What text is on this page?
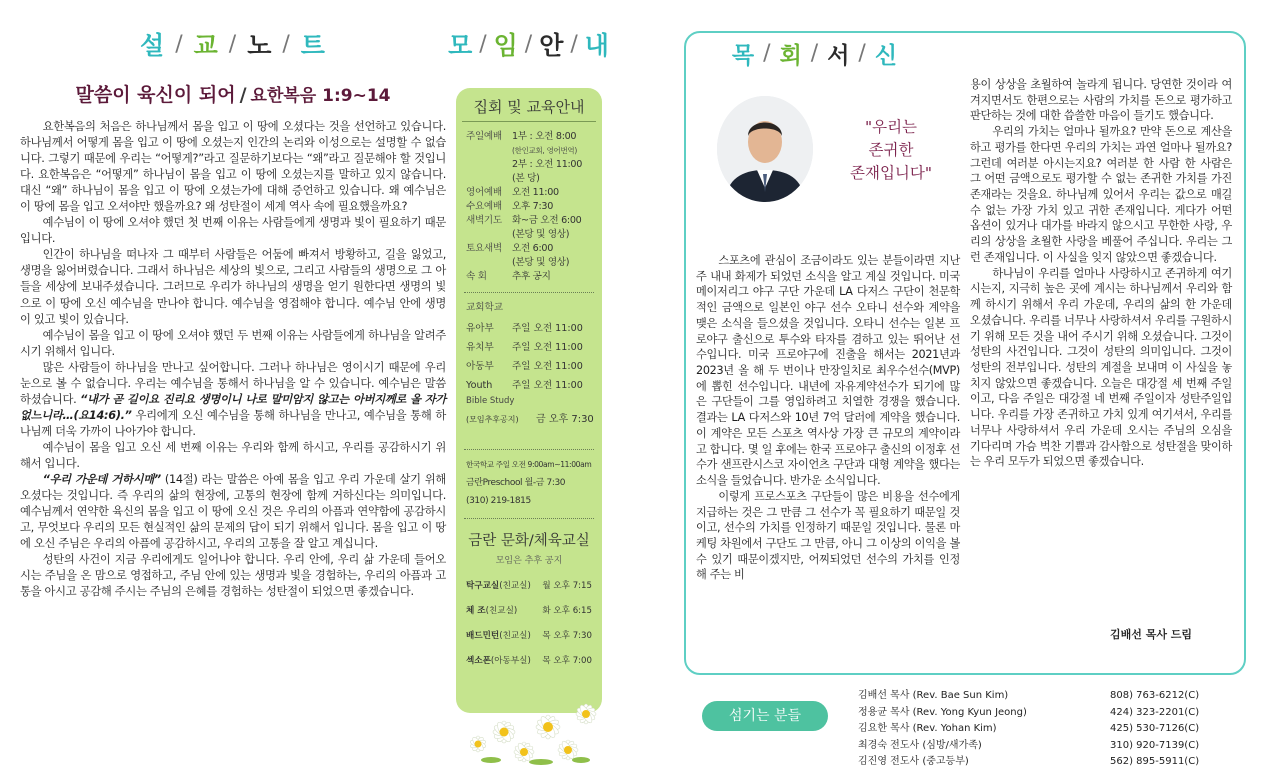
설 / 교 / 노 / 트
말씀이 육신이 되어 / 요한복음 1:9~14

요한복음의 처음은 하나님께서 몸을 입고 이 땅에 오셨다는 것을 선언하고 있습니다. 하나님께서 어떻게 몸을 입고 이 땅에 오셨는지 인간의 논리와 이성으로는 설명할 수 없습니다. 그렇기 때문에 우리는 “어떻게?”라고 질문하기보다는 “왜”라고 질문해야 할 것입니다. 요한복음은 “어떻게” 하나님이 몸을 입고 이 땅에 오셨는지를 말하고 있지 않습니다. 대신 “왜” 하나님이 몸을 입고 이 땅에 오셨는가에 대해 증언하고 있습니다. 왜 예수님은 이 땅에 몸을 입고 오셔야만 했을까요? 왜 성탄절이 세계 역사 속에 필요했을까요?

예수님이 이 땅에 오셔야 했던 첫 번째 이유는 사람들에게 생명과 빛이 필요하기 때문입니다.

인간이 하나님을 떠나자 그 때부터 사람들은 어둠에 빠져서 방황하고, 길을 잃었고, 생명을 잃어버렸습니다. 그래서 하나님은 세상의 빛으로, 그리고 사람들의 생명으로 그 아들을 세상에 보내주셨습니다. 그러므로 우리가 하나님의 생명을 얻기 원한다면 생명의 빛으로 이 땅에 오신 예수님을 만나야 합니다. 예수님을 영접해야 합니다. 예수님 안에 생명이 있고 빛이 있습니다.

예수님이 몸을 입고 이 땅에 오셔야 했던 두 번째 이유는 사람들에게 하나님을 알려주시기 위해서 입니다.

많은 사람들이 하나님을 만나고 싶어합니다. 그러나 하나님은 영이시기 때문에 우리 눈으로 볼 수 없습니다. 우리는 예수님을 통해서 하나님을 알 수 있습니다. 예수님은 말씀하셨습니다. “내가 곧 길이요 진리요 생명이니 나로 말미암지 않고는 아버지께로 올 자가 없느니라…(요14:6).” 우리에게 오신 예수님을 통해 하나님을 만나고, 예수님을 통해 하나님께 더욱 가까이 나아가야 합니다.

예수님이 몸을 입고 오신 세 번째 이유는 우리와 함께 하시고, 우리를 공감하시기 위해서 입니다.

“우리 가운데 거하시매” (14절) 라는 말씀은 아예 몸을 입고 우리 가운데 살기 위해 오셨다는 것입니다. 즉 우리의 삶의 현장에, 고통의 현장에 함께 거하신다는 의미입니다. 예수님께서 연약한 육신의 몸을 입고 이 땅에 오신 것은 우리의 아픔과 연약함에 공감하시고, 무엇보다 우리의 모든 현실적인 삶의 문제의 답이 되기 위해서 입니다. 몸을 입고 이 땅에 오신 주님은 우리의 아픔에 공감하시고, 우리의 고통을 잘 알고 계십니다.

성탄의 사건이 지금 우리에게도 일어나야 합니다. 우리 안에, 우리 삶 가운데 들어오시는 주님을 온 맘으로 영접하고, 주님 안에 있는 생명과 빛을 경험하는, 우리의 아픔과 고통을 아시고 공감해 주시는 주님의 은혜를 경험하는 성탄절이 되었으면 좋겠습니다.

모 / 임 / 안 / 내
집회 및 교육안내
주일예배	1부 : 오전 8:00
(한인교회, 영어번역)
2부 : 오전 11:00
(본 당)
영어예배	오전 11:00
수요예배	오후 7:30
새벽기도	화~금 오전 6:00
(본당 및 영상)
토요새벽	오전 6:00
(본당 및 영상)
속 회	추후 공지
교회학교
유아부	주일 오전 11:00
유치부	주일 오전 11:00
아동부	주일 오전 11:00
Youth	주일 오전 11:00
Bible Study
(모임추후공지)	금 오후 7:30
한국학교 주일 오전 9:00am~11:00am
금란Preschool 월-금 7:30
(310) 219-1815
금란 문화/체육교실
모임은 추후 공지
탁구교실(친교실) 월 오후 7:15
체 조(친교실)	화 오후 6:15
배드민턴(친교실) 목 오후 7:30
섹소폰(아동부실) 목 오후 7:00
목 / 회 / 서 / 신
"우리는
존귀한
존재입니다"

스포츠에 관심이 조금이라도 있는 분들이라면 지난 주 내내 화제가 되었던 소식을 알고 계실 것입니다. 미국 메이저리그 야구 구단 가운데 LA 다저스 구단이 천문학적인 금액으로 일본인 야구 선수 오타니 선수와 계약을 맺은 소식을 들으셨을 것입니다. 오타니 선수는 일본 프로야구 출신으로 투수와 타자를 겸하고 있는 뛰어난 선수입니다. 미국 프로야구에 진출을 해서는 2021년과 2023년 올 해 두 번이나 만장일치로 최우수선수(MVP)에 뽑힌 선수입니다. 내년에 자유계약선수가 되기에 많은 구단들이 그를 영입하려고 치열한 경쟁을 했습니다. 결과는 LA 다저스와 10년 7억 달러에 계약을 했습니다. 이 계약은 모든 스포츠 역사상 가장 큰 규모의 계약이라고 합니다. 몇 일 후에는 한국 프로야구 출신의 이정후 선수가 샌프란시스코 자이언츠 구단과 대형 계약을 했다는 소식을 들었습니다. 반가운 소식입니다.

이렇게 프로스포츠 구단들이 많은 비용을 선수에게 지급하는 것은 그 만큼 그 선수가 꼭 필요하기 때문일 것이고, 선수의 가치를 인정하기 때문일 것입니다. 물론 마케팅 차원에서 구단도 그 만큼, 아니 그 이상의 이익을 볼 수 있기 때문이겠지만, 어찌되었던 선수의 가치를 인정해 주는 비

용이 상상을 초월하여 놀라게 됩니다. 당연한 것이라 여겨지면서도 한편으로는 사람의 가치를 돈으로 평가하고 판단하는 것에 대한 씁쓸한 마음이 들기도 했습니다.

우리의 가치는 얼마나 될까요? 만약 돈으로 계산을 하고 평가를 한다면 우리의 가치는 과연 얼마나 될까요? 그런데 여러분 아시는지요? 여러분 한 사람 한 사람은 그 어떤 금액으로도 평가할 수 없는 존귀한 가치를 가진 존재라는 것을요. 하나님께 있어서 우리는 값으로 매길 수 없는 가장 가치 있고 귀한 존재입니다. 게다가 어떤 옵션이 있거나 대가를 바라지 않으시고 무한한 사랑, 우리의 상상을 초월한 사랑을 베풀어 주십니다. 우리는 그런 존재입니다. 이 사실을 잊지 않았으면 좋겠습니다.

하나님이 우리를 얼마나 사랑하시고 존귀하게 여기시는지, 지극히 높은 곳에 계시는 하나님께서 우리와 함께 하시기 위해서 우리 가운데, 우리의 삶의 한 가운데 오셨습니다. 우리를 너무나 사랑하셔서 우리를 구원하시기 위해 모든 것을 내어 주시기 위해 오셨습니다. 그것이 성탄의 사건입니다. 그것이 성탄의 의미입니다. 그것이 성탄의 전부입니다. 성탄의 계절을 보내며 이 사실을 놓치지 않았으면 좋겠습니다. 오늘은 대강절 세 번째 주일이고, 다음 주일은 대강절 네 번째 주일이자 성탄주일입니다. 우리를 가장 존귀하고 가치 있게 여기셔서, 우리를 너무나 사랑하셔서 우리 가운데 오시는 주님의 오심을 기다리며 가슴 벅찬 기쁨과 감사함으로 성탄절을 맞이하는 우리 모두가 되었으면 좋겠습니다.

김배선 목사 드림
섬기는 분들
김배선 목사 (Rev. Bae Sun Kim)	808) 763-6212(C)
정용균 목사 (Rev. Yong Kyun Jeong)	424) 323-2201(C)
김요한 목사 (Rev. Yohan Kim)	425) 530-7126(C)
최경숙 전도사 (심방/새가족)	310) 920-7139(C)
김진영 전도사 (중고등부)	562) 895-5911(C)
